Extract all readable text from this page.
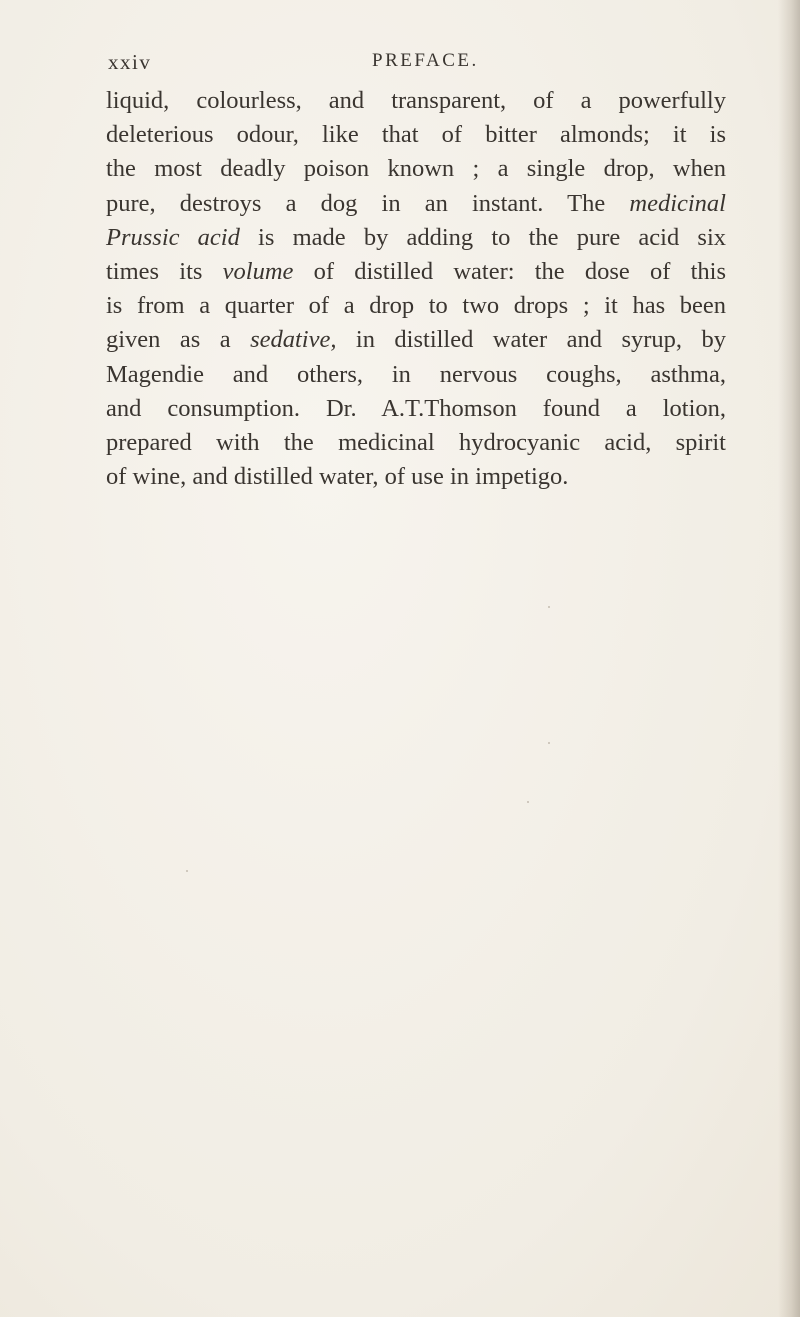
xxiv	PREFACE.
liquid, colourless, and transparent, of a powerfully
deleterious odour, like that of bitter almonds; it is
the most deadly poison known ; a single drop, when
pure, destroys a dog in an instant. The medicinal
Prussic acid is made by adding to the pure acid six
times its volume of distilled water: the dose of this
is from a quarter of a drop to two drops ; it has been
given as a sedative, in distilled water and syrup, by
Magendie and others, in nervous coughs, asthma,
and consumption. Dr. A.T.Thomson found a lotion,
prepared with the medicinal hydrocyanic acid, spirit
of wine, and distilled water, of use in impetigo.
